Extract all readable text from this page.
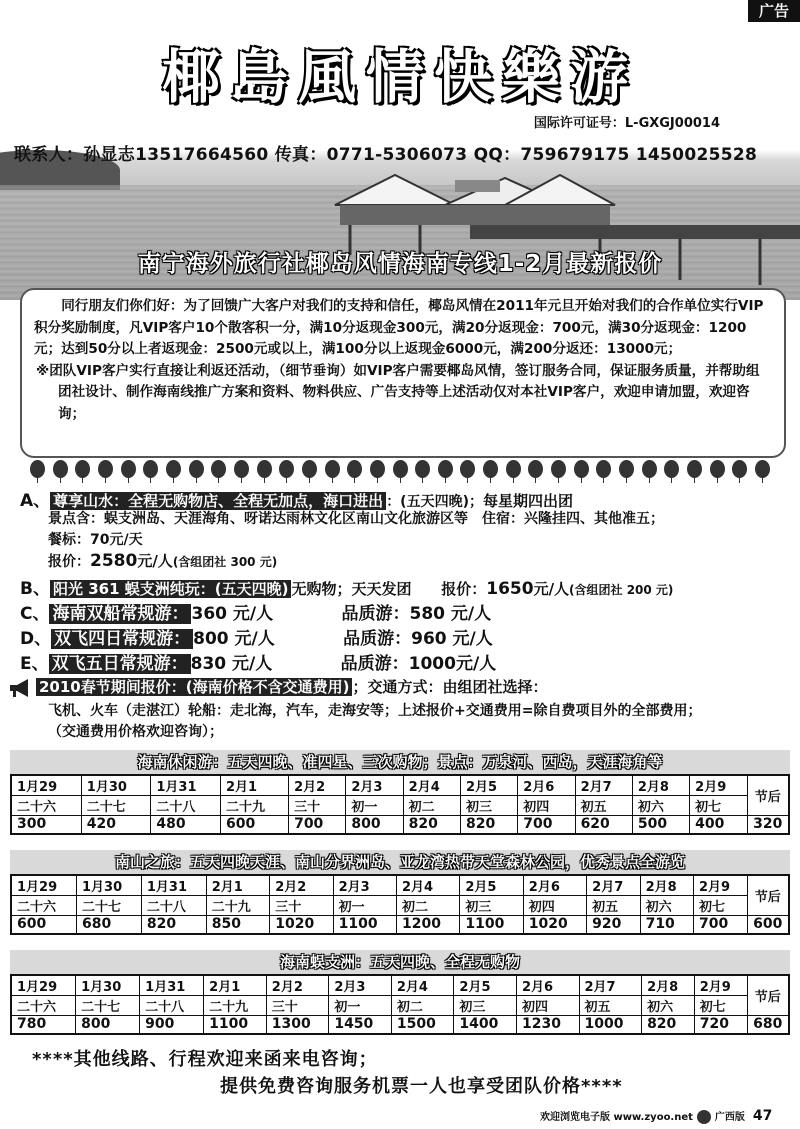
广告
椰島風情快樂游
国际许可证号：L-GXGJ00014
联系人：孙显志13517664560 传真：0771-5306073 QQ：759679175 1450025528
南宁海外旅行社椰岛风情海南专线1-2月最新报价

同行朋友们你们好：为了回馈广大客户对我们的支持和信任，椰岛风情在2011年元旦开始对我们的合作单位实行VIP积分奖励制度，凡VIP客户10个散客积一分，满10分返现金300元，满20分返现金：700元，满30分返现金：1200元；达到50分以上者返现金：2500元或以上，满100分以上返现金6000元，满200分返还：13000元；

※团队VIP客户实行直接让利返还活动，（细节垂询）如VIP客户需要椰岛风情，签订服务合同，保证服务质量，并帮助组团社设计、制作海南线推广方案和资料、物料供应、广告支持等上述活动仅对本社VIP客户，欢迎申请加盟，欢迎咨询；

A、 尊享山水：全程无购物店、全程无加点，海口进出 ：(五天四晚)；每星期四出团
景点含：蜈支洲岛、天涯海角、呀诺达雨林文化区南山文化旅游区等　住宿：兴隆挂四、其他准五；
餐标：70元/天
报价：2580元/人(含组团社 300 元)
B、 阳光 361 蜈支洲纯玩：(五天四晚) 无购物；天天发团 报价：1650元/人(含组团社 200 元)
C、 海南双船常规游： 360 元/人	品质游：580 元/人
D、 双飞四日常规游： 800 元/人	品质游：960 元/人
E、 双飞五日常规游： 830 元/人	品质游：1000元/人
2010春节期间报价：(海南价格不含交通费用) ；交通方式：由组团社选择：
飞机、火车（走湛江）轮船：走北海，汽车，走海安等；上述报价+交通费用=除自费项目外的全部费用；
（交通费用价格欢迎咨询）；
海南休闲游：五天四晚、准四星、三次购物；景点：万泉河、西岛，天涯海角等
1月29	1月30	1月31	2月1	2月2	2月3	2月4	2月5	2月6	2月7	2月8	2月9	节后
二十六	二十七	二十八	二十九	三十	初一	初二	初三	初四	初五	初六	初七	
300	420	480	600	700	800	820	820	700	620	500	400	320
南山之旅：五天四晚天涯、南山分界洲岛、亚龙湾热带天堂森林公园，优秀景点全游览
1月29	1月30	1月31	2月1	2月2	2月3	2月4	2月5	2月6	2月7	2月8	2月9	节后
二十六	二十七	二十八	二十九	三十	初一	初二	初三	初四	初五	初六	初七	
600	680	820	850	1020	1100	1200	1100	1020	920	710	700	600
海南蜈支洲：五天四晚、全程无购物
1月29	1月30	1月31	2月1	2月2	2月3	2月4	2月5	2月6	2月7	2月8	2月9	节后
二十六	二十七	二十八	二十九	三十	初一	初二	初三	初四	初五	初六	初七	
780	800	900	1100	1300	1450	1500	1400	1230	1000	820	720	680
****其他线路、行程欢迎来函来电咨询；
提供免费咨询服务机票一人也享受团队价格****
欢迎浏览电子版 www.zyoo.net 广西版 47
